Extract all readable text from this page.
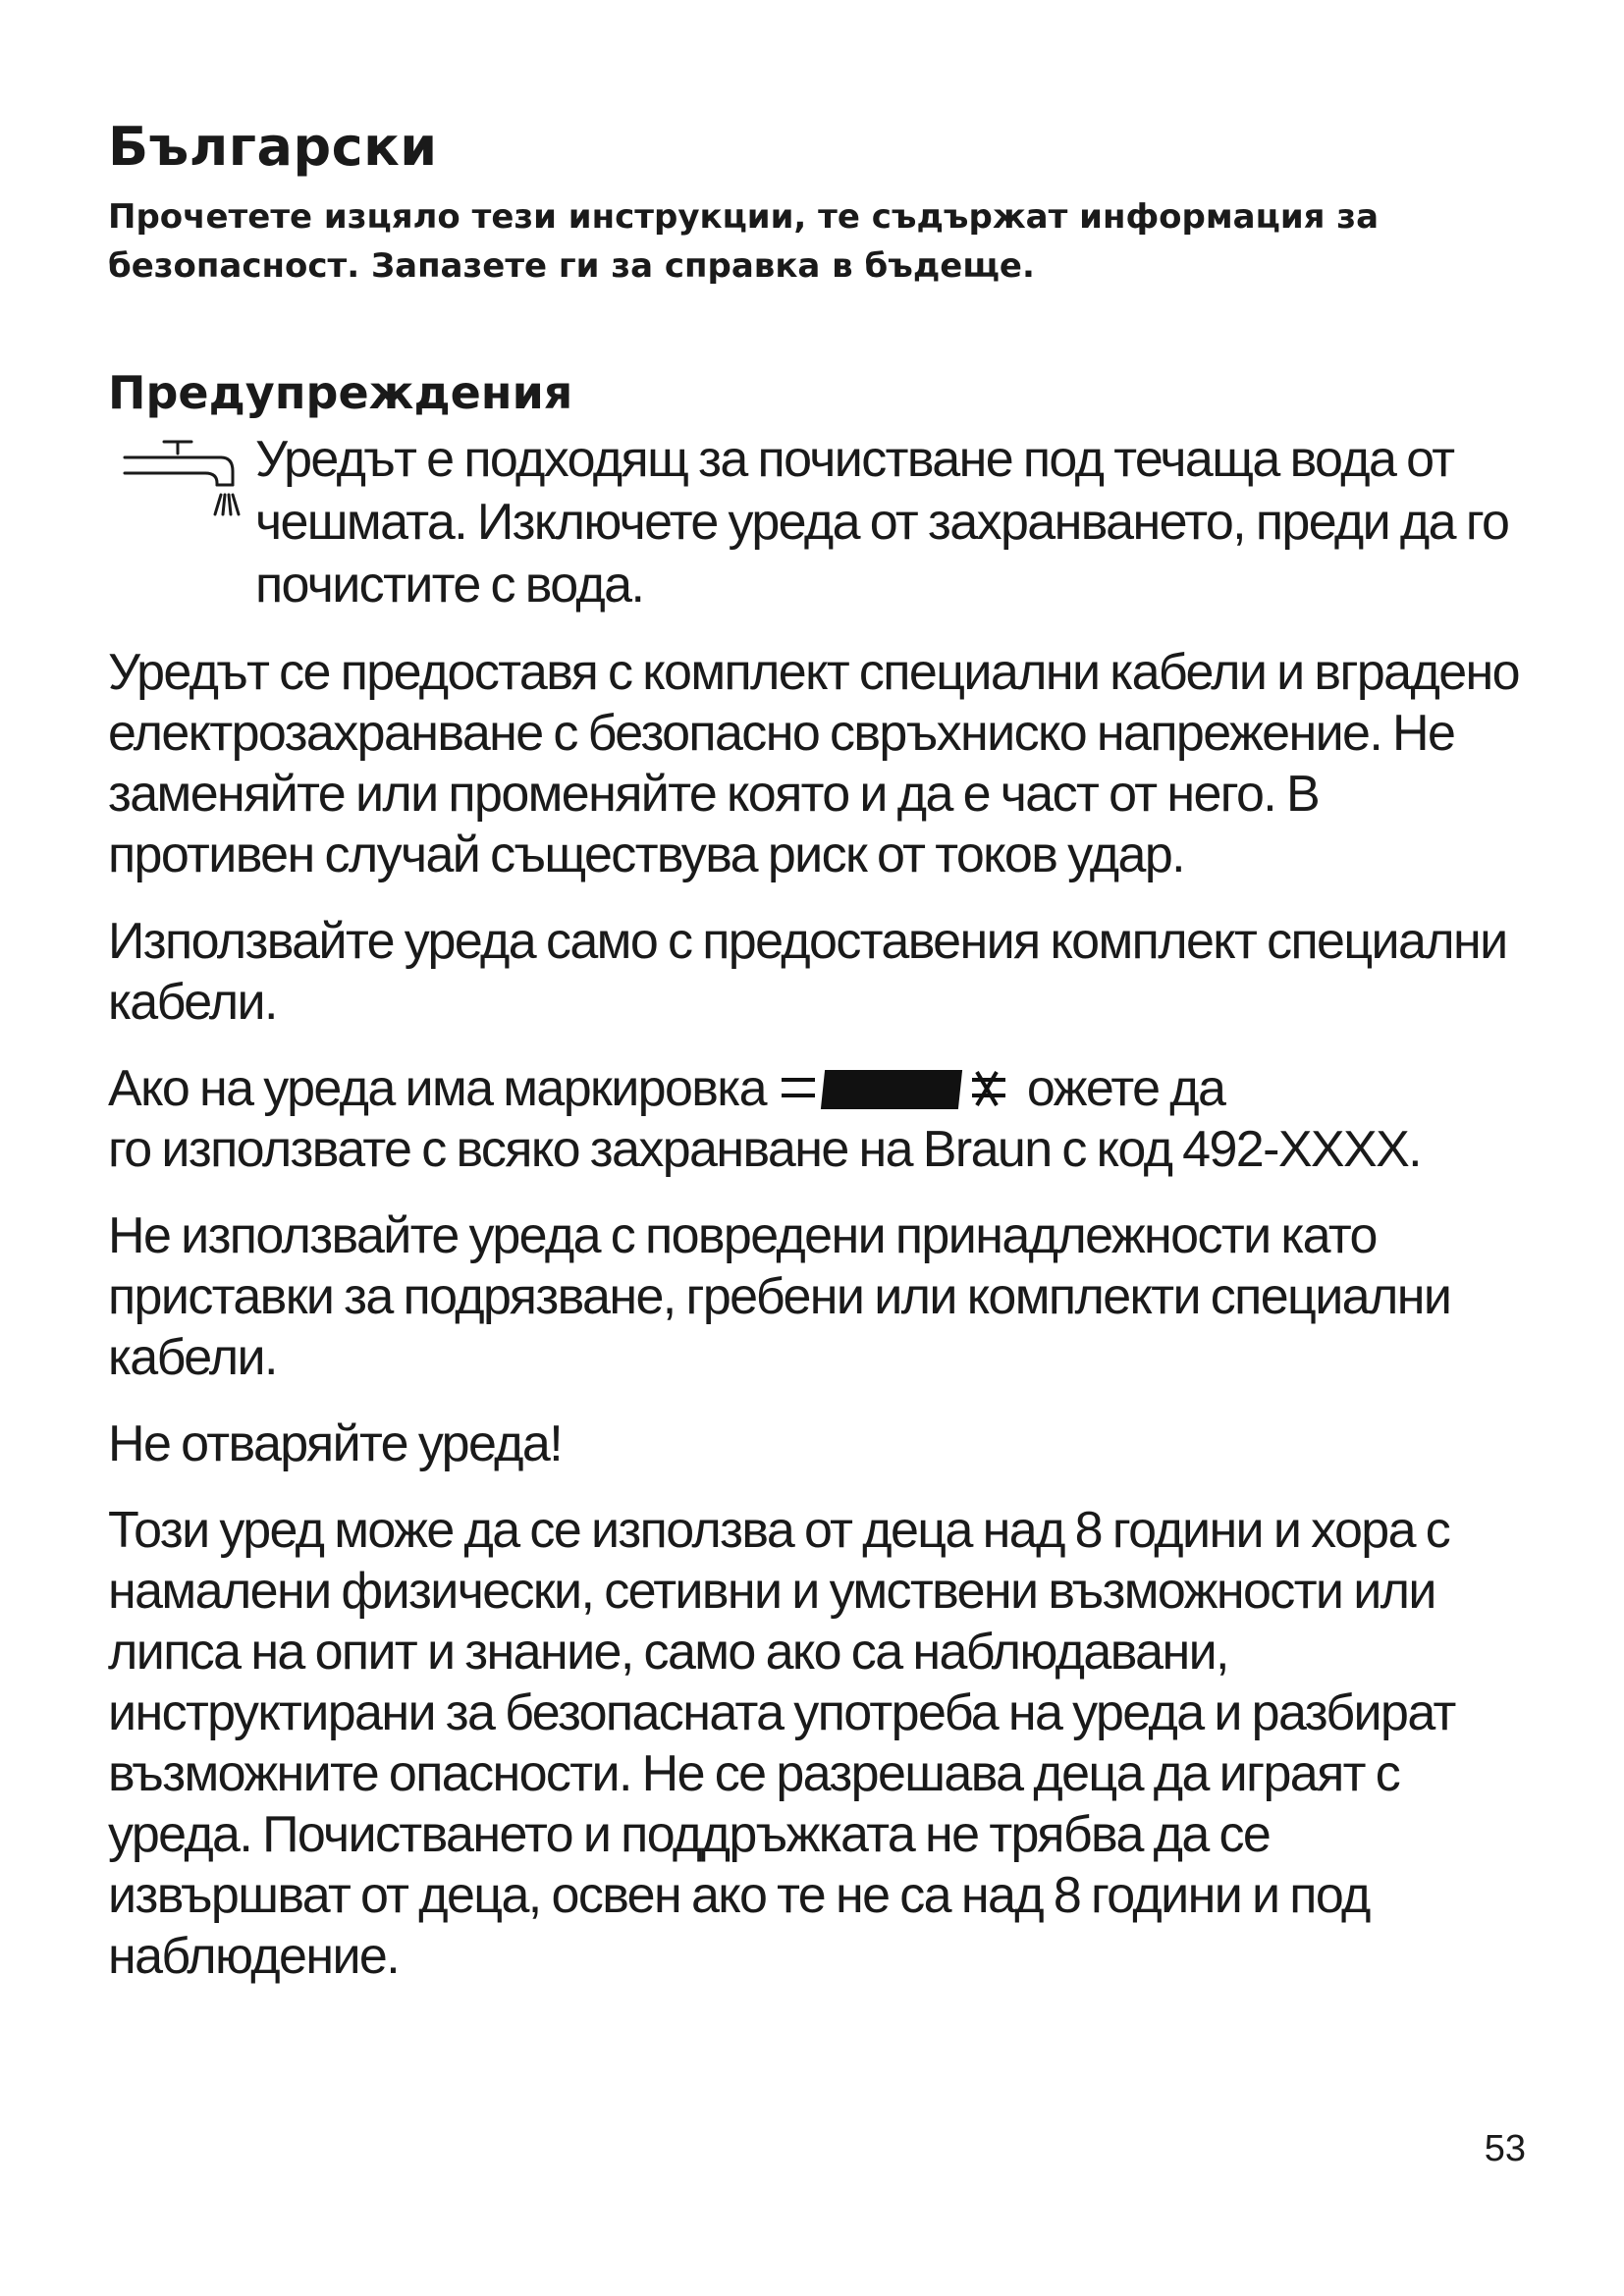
Български

Прочетете изцяло тези инструкции, те съдържат информация за безопасност. Запазете ги за справка в бъдеще.

Предупреждения

Уредът е подходящ за почистване под течаща вода от чешмата. Изключете уреда от захранването, преди да го почистите с вода.

Уредът се предоставя с комплект специални кабели и вградено електрозахранване с безопасно свръхниско напрежение. Не заменяйте или променяйте която и да е част от него. В противен случай съществува риск от токов удар.

Използвайте уреда само с предоставения комплект специални кабели.

Ако на уреда има маркировка	ожете да
го използвате с всяко захранване на Braun с код 492-XXXX.

Не използвайте уреда с повредени принадлежности като приставки за подрязване, гребени или комплекти специални кабели.

Не отваряйте уреда!

Този уред може да се използва от деца над 8 години и хора с намалени физически, сетивни и умствени възможности или липса на опит и знание, само ако са наблюдавани, инструктирани за безопасната употреба на уреда и разбират възможните опасности. Не се разрешава деца да играят с уреда. Почистването и поддръжката не трябва да се извършват от деца, освен ако те не са над 8 години и под наблюдение.

53
